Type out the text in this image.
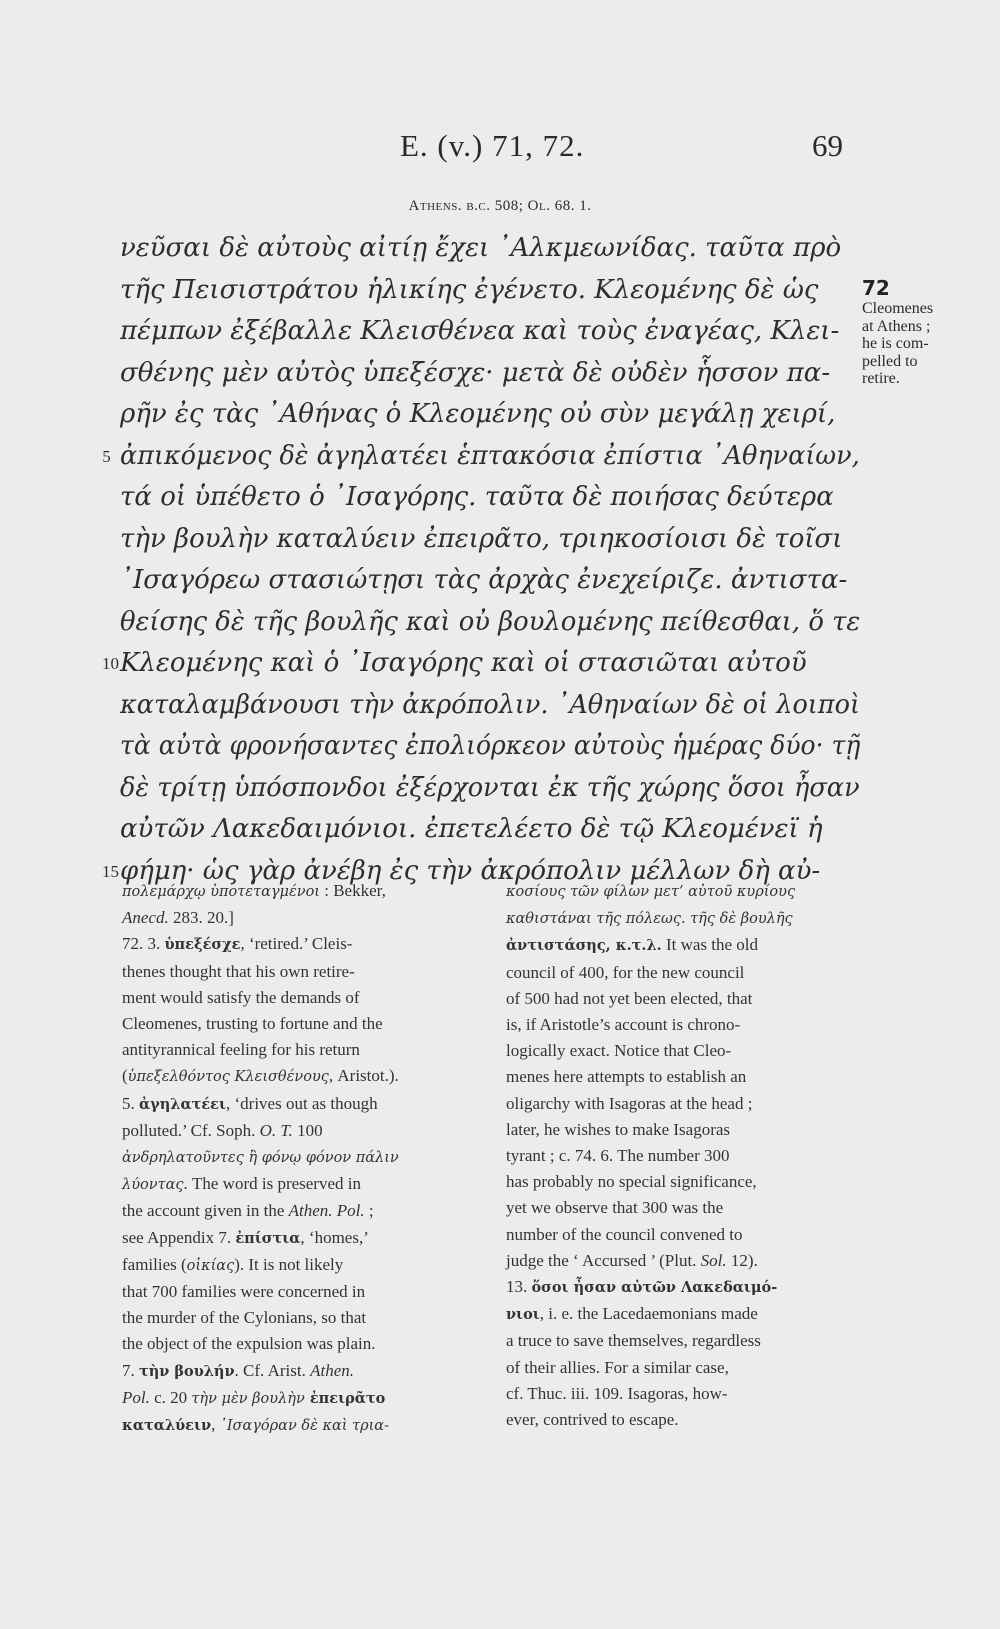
E. (v.) 71, 72.	69
Athens. b.c. 508; Ol. 68. 1.
νεῦσαι δὲ αὐτοὺς αἰτίῃ ἔχει ᾿Αλκμεωνίδας. ταῦτα πρὸ
τῆς Πεισιστράτου ἡλικίης ἐγένετο. Κλεομένης δὲ ὡς
πέμπων ἐξέβαλλε Κλεισθένεα καὶ τοὺς ἐναγέας, Κλει-
σθένης μὲν αὐτὸς ὑπεξέσχε· μετὰ δὲ οὐδὲν ἧσσον πα-
ρῆν ἐς τὰς ᾿Αθήνας ὁ Κλεομένης οὐ σὺν μεγάλῃ χειρί,
5 ἀπικόμενος δὲ ἀγηλατέει ἑπτακόσια ἐπίστια ᾿Αθηναίων,
τά οἱ ὑπέθετο ὁ ᾿Ισαγόρης. ταῦτα δὲ ποιήσας δεύτερα
τὴν βουλὴν καταλύειν ἐπειρᾶτο, τριηκοσίοισι δὲ τοῖσι
᾿Ισαγόρεω στασιώτῃσι τὰς ἀρχὰς ἐνεχείριζε. ἀντιστα-
θείσης δὲ τῆς βουλῆς καὶ οὐ βουλομένης πείθεσθαι, ὅ τε
10 Κλεομένης καὶ ὁ ᾿Ισαγόρης καὶ οἱ στασιῶται αὐτοῦ
καταλαμβάνουσι τὴν ἀκρόπολιν. ᾿Αθηναίων δὲ οἱ λοιποὶ
τὰ αὐτὰ φρονήσαντες ἐπολιόρκεον αὐτοὺς ἡμέρας δύο· τῇ
δὲ τρίτῃ ὑπόσπονδοι ἐξέρχονται ἐκ τῆς χώρης ὅσοι ἦσαν
αὐτῶν Λακεδαιμόνιοι. ἐπετελέετο δὲ τῷ Κλεομένεϊ ἡ
15 φήμη· ὡς γὰρ ἀνέβη ἐς τὴν ἀκρόπολιν μέλλων δὴ αὐ-
72
Cleomenes
at Athens ;
he is com-
pelled to
retire.
πολεμάρχῳ ὑποτεταγμένοι : Bekker,
Anecd. 283. 20.]
72. 3. ὑπεξέσχε, ‘retired.’ Cleis-
thenes thought that his own retire-
ment would satisfy the demands of
Cleomenes, trusting to fortune and the
antityrannical feeling for his return
(ὑπεξελθόντος Κλεισθένους, Aristot.).
5. ἀγηλατέει, ‘drives out as though
polluted.’ Cf. Soph. O. T. 100
ἀνδρηλατοῦντες ἢ φόνῳ φόνον πάλιν
λύοντας. The word is preserved in
the account given in the Athen. Pol. ;
see Appendix 7. ἐπίστια, ‘homes,’
families (οἰκίας). It is not likely
that 700 families were concerned in
the murder of the Cylonians, so that
the object of the expulsion was plain.
7. τὴν βουλήν. Cf. Arist. Athen.
Pol. c. 20 τὴν μὲν βουλὴν ἐπειρᾶτο
καταλύειν, ᾿Ισαγόραν δὲ καὶ τρια-
κοσίους τῶν φίλων μετ’ αὐτοῦ κυρίους
καθιστάναι τῆς πόλεως. τῆς δὲ βουλῆς
ἀντιστάσης, κ.τ.λ. It was the old
council of 400, for the new council
of 500 had not yet been elected, that
is, if Aristotle’s account is chrono-
logically exact. Notice that Cleo-
menes here attempts to establish an
oligarchy with Isagoras at the head ;
later, he wishes to make Isagoras
tyrant ; c. 74. 6. The number 300
has probably no special significance,
yet we observe that 300 was the
number of the council convened to
judge the ‘ Accursed ’ (Plut. Sol. 12).
13. ὅσοι ἦσαν αὐτῶν Λακεδαιμό-
νιοι, i. e. the Lacedaemonians made
a truce to save themselves, regardless
of their allies. For a similar case,
cf. Thuc. iii. 109. Isagoras, how-
ever, contrived to escape.
